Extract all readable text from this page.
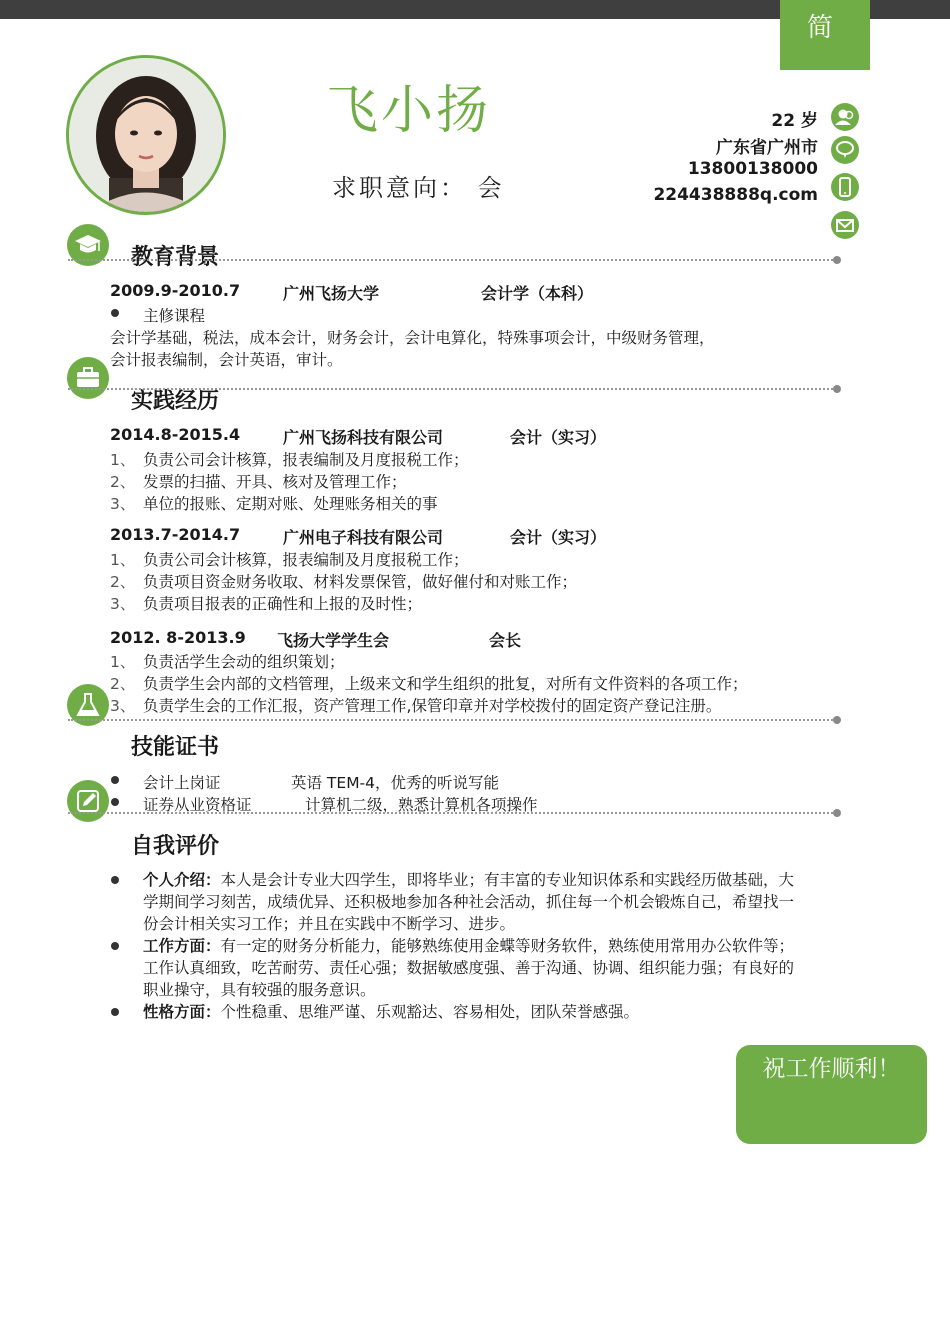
简 历
飞小扬
求职意向： 会
22 岁
广东省广州市
13800138000
224438888q.com
教育背景
2009.9-2010.7	广州飞扬大学	会计学（本科）
主修课程
会计学基础，税法，成本会计，财务会计，会计电算化，特殊事项会计，中级财务管理，
会计报表编制，会计英语，审计。
实践经历
2014.8-2015.4	广州飞扬科技有限公司	会计（实习）
1、 负责公司会计核算，报表编制及月度报税工作；
2、 发票的扫描、开具、核对及管理工作；
3、 单位的报账、定期对账、处理账务相关的事
2013.7-2014.7	广州电子科技有限公司	会计（实习）
1、 负责公司会计核算，报表编制及月度报税工作；
2、 负责项目资金财务收取、材料发票保管，做好催付和对账工作；
3、 负责项目报表的正确性和上报的及时性；
2012. 8-2013.9 飞扬大学学生会	会长
1、 负责活学生会动的组织策划；
2、 负责学生会内部的文档管理，上级来文和学生组织的批复，对所有文件资料的各项工作；
3、 负责学生会的工作汇报，资产管理工作,保管印章并对学校拨付的固定资产登记注册。
技能证书
会计上岗证	英语 TEM-4，优秀的听说写能
证券从业资格证	计算机二级，熟悉计算机各项操作
自我评价
个人介绍：本人是会计专业大四学生，即将毕业；有丰富的专业知识体系和实践经历做基础，大学期间学习刻苦，成绩优异、还积极地参加各种社会活动，抓住每一个机会锻炼自己，希望找一份会计相关实习工作；并且在实践中不断学习、进步。
工作方面：有一定的财务分析能力，能够熟练使用金蝶等财务软件，熟练使用常用办公软件等；工作认真细致，吃苦耐劳、责任心强；数据敏感度强、善于沟通、协调、组织能力强；有良好的职业操守，具有较强的服务意识。
性格方面：个性稳重、思维严谨、乐观豁达、容易相处，团队荣誉感强。
祝工作顺利！
